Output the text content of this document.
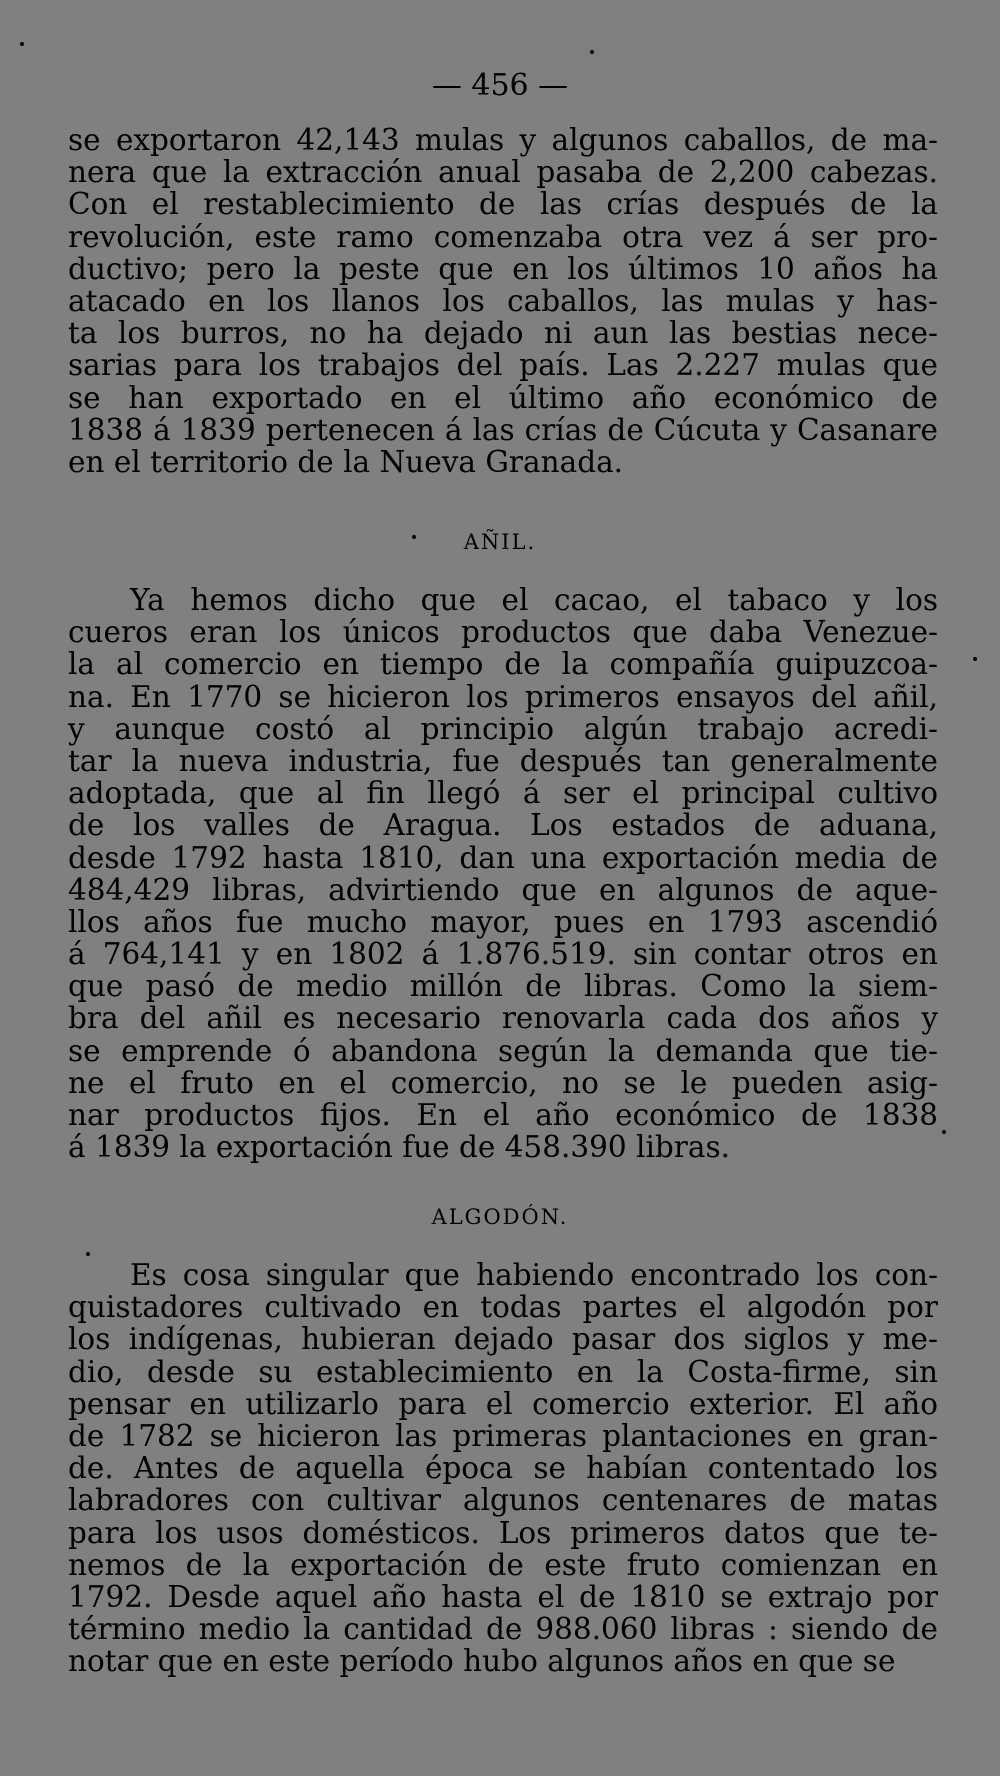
— 456 —
se exportaron 42,143 mulas y algunos caballos, de ma-
nera que la extracción anual pasaba de 2,200 cabezas.
Con el restablecimiento de las crías después de la
revolución, este ramo comenzaba otra vez á ser pro-
ductivo; pero la peste que en los últimos 10 años ha
atacado en los llanos los caballos, las mulas y has-
ta los burros, no ha dejado ni aun las bestias nece-
sarias para los trabajos del país. Las 2.227 mulas que
se han exportado en el último año económico de
1838 á 1839 pertenecen á las crías de Cúcuta y Casanare
en el territorio de la Nueva Granada.
AÑIL.
Ya hemos dicho que el cacao, el tabaco y los
cueros eran los únicos productos que daba Venezue-
la al comercio en tiempo de la compañía guipuzcoa-
na. En 1770 se hicieron los primeros ensayos del añil,
y aunque costó al principio algún trabajo acredi-
tar la nueva industria, fue después tan generalmente
adoptada, que al fin llegó á ser el principal cultivo
de los valles de Aragua. Los estados de aduana,
desde 1792 hasta 1810, dan una exportación media de
484,429 libras, advirtiendo que en algunos de aque-
llos años fue mucho mayor, pues en 1793 ascendió
á 764,141 y en 1802 á 1.876.519. sin contar otros en
que pasó de medio millón de libras. Como la siem-
bra del añil es necesario renovarla cada dos años y
se emprende ó abandona según la demanda que tie-
ne el fruto en el comercio, no se le pueden asig-
nar productos fijos. En el año económico de 1838
á 1839 la exportación fue de 458.390 libras.
ALGODÓN.
Es cosa singular que habiendo encontrado los con-
quistadores cultivado en todas partes el algodón por
los indígenas, hubieran dejado pasar dos siglos y me-
dio, desde su establecimiento en la Costa-firme, sin
pensar en utilizarlo para el comercio exterior. El año
de 1782 se hicieron las primeras plantaciones en gran-
de. Antes de aquella época se habían contentado los
labradores con cultivar algunos centenares de matas
para los usos domésticos. Los primeros datos que te-
nemos de la exportación de este fruto comienzan en
1792. Desde aquel año hasta el de 1810 se extrajo por
término medio la cantidad de 988.060 libras : siendo de
notar que en este período hubo algunos años en que se
